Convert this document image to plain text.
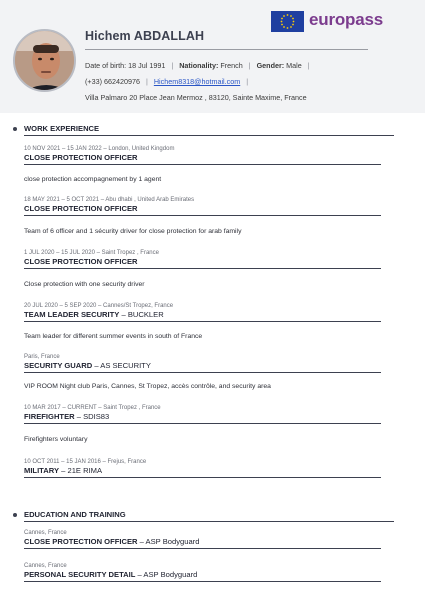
Hichem ABDALLAH
europass
Date of birth: 18 Jul 1991 | Nationality: French | Gender: Male |
(+33) 662420976 | Hichem8318@hotmail.com |
Villa Palmaro 20 Place Jean Mermoz , 83120, Sainte Maxime, France
WORK EXPERIENCE
10 NOV 2021 – 15 JAN 2022 – London, United Kingdom
CLOSE PROTECTION OFFICER
close protection accompagnement by 1 agent
18 MAY 2021 – 5 OCT 2021 – Abu dhabi , United Arab Emirates
CLOSE PROTECTION OFFICER
Team of 6 officer and 1 sécurity driver for close protection for arab family
1 JUL 2020 – 15 JUL 2020 – Saint Tropez , France
CLOSE PROTECTION OFFICER
Close protection with one security driver
20 JUL 2020 – 5 SEP 2020 – Cannes/St Tropez, France
TEAM LEADER SECURITY – BUCKLER
Team leader for different summer events in south of France
Paris, France
SECURITY GUARD – AS SECURITY
VIP ROOM Night club Paris, Cannes, St Tropez, accès contrôle, and security area
10 MAR 2017 – CURRENT – Saint Tropez , France
FIREFIGHTER – SDIS83
Firefighters voluntary
10 OCT 2011 – 15 JAN 2016 – Frejus, France
MILITARY – 21E RIMA
EDUCATION AND TRAINING
Cannes, France
CLOSE PROTECTION OFFICER – ASP Bodyguard
Cannes, France
PERSONAL SECURITY DETAIL – ASP Bodyguard
